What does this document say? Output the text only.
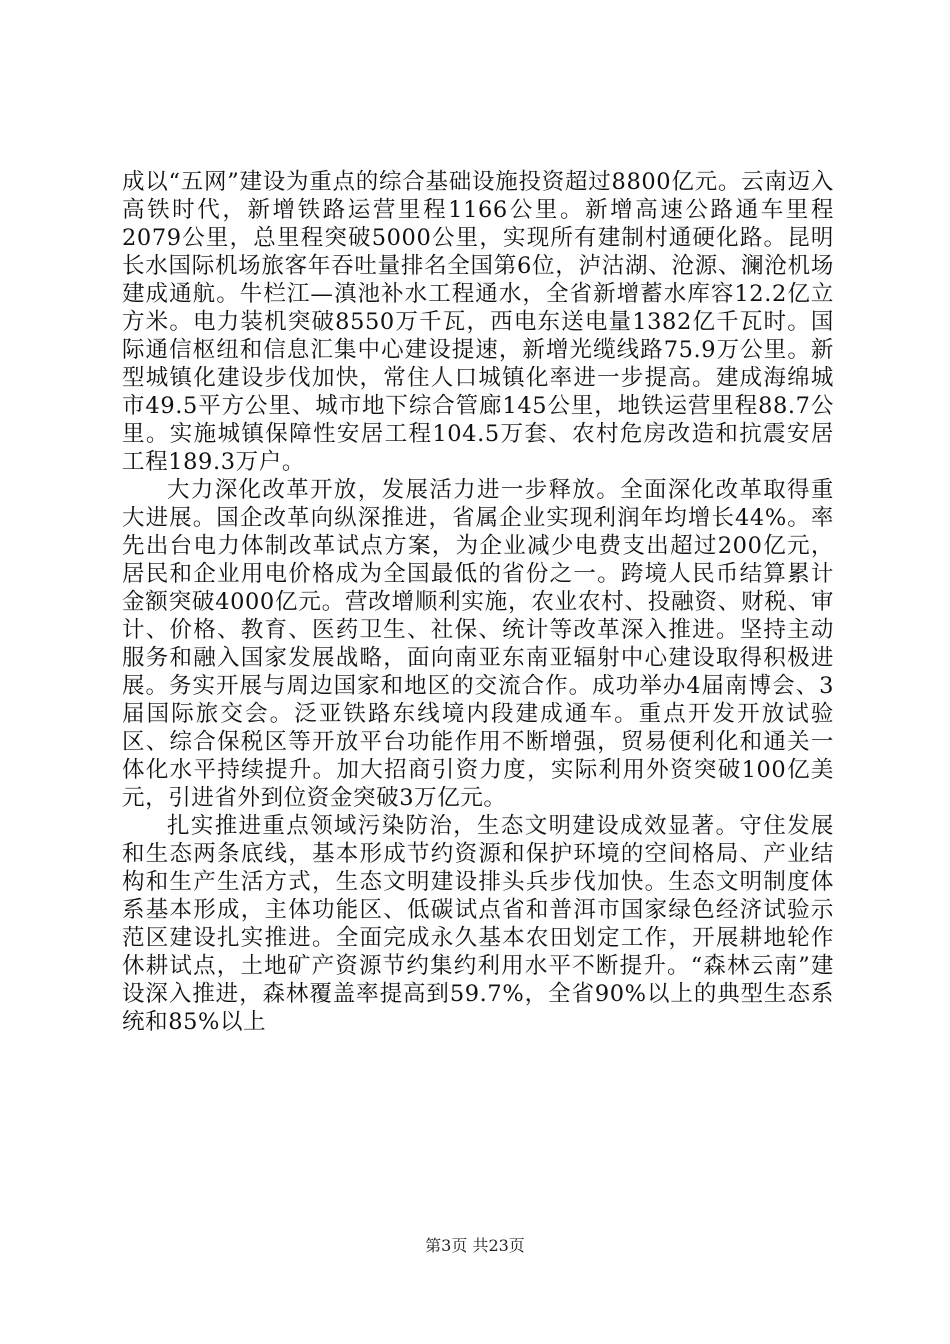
成以“五网”建设为重点的综合基础设施投资超过8800亿元。云南迈入高铁时代，新增铁路运营里程1166公里。新增高速公路通车里程2079公里，总里程突破5000公里，实现所有建制村通硬化路。昆明长水国际机场旅客年吞吐量排名全国第6位，泸沽湖、沧源、澜沧机场建成通航。牛栏江—滇池补水工程通水，全省新增蓄水库容12.2亿立方米。电力装机突破8550万千瓦，西电东送电量1382亿千瓦时。国际通信枢纽和信息汇集中心建设提速，新增光缆线路75.9万公里。新型城镇化建设步伐加快，常住人口城镇化率进一步提高。建成海绵城市49.5平方公里、城市地下综合管廊145公里，地铁运营里程88.7公里。实施城镇保障性安居工程104.5万套、农村危房改造和抗震安居工程189.3万户。

大力深化改革开放，发展活力进一步释放。全面深化改革取得重大进展。国企改革向纵深推进，省属企业实现利润年均增长44%。率先出台电力体制改革试点方案，为企业减少电费支出超过200亿元，居民和企业用电价格成为全国最低的省份之一。跨境人民币结算累计金额突破4000亿元。营改增顺利实施，农业农村、投融资、财税、审计、价格、教育、医药卫生、社保、统计等改革深入推进。坚持主动服务和融入国家发展战略，面向南亚东南亚辐射中心建设取得积极进展。务实开展与周边国家和地区的交流合作。成功举办4届南博会、3届国际旅交会。泛亚铁路东线境内段建成通车。重点开发开放试验区、综合保税区等开放平台功能作用不断增强，贸易便利化和通关一体化水平持续提升。加大招商引资力度，实际利用外资突破100亿美元，引进省外到位资金突破3万亿元。

扎实推进重点领域污染防治，生态文明建设成效显著。守住发展和生态两条底线，基本形成节约资源和保护环境的空间格局、产业结构和生产生活方式，生态文明建设排头兵步伐加快。生态文明制度体系基本形成，主体功能区、低碳试点省和普洱市国家绿色经济试验示范区建设扎实推进。全面完成永久基本农田划定工作，开展耕地轮作休耕试点，土地矿产资源节约集约利用水平不断提升。“森林云南”建设深入推进，森林覆盖率提高到59.7%，全省90%以上的典型生态系统和85%以上

第3页 共23页
